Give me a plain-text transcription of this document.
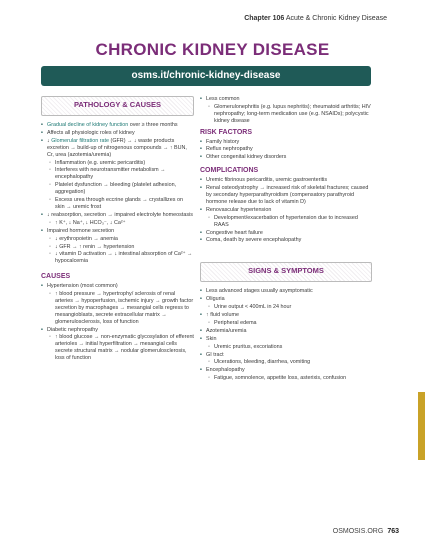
Chapter 106 Acute & Chronic Kidney Disease
CHRONIC KIDNEY DISEASE
osms.it/chronic-kidney-disease
PATHOLOGY & CAUSES
• Gradual decline of kidney function over ≥ three months
• Affects all physiologic roles of kidney
• ↓ Glomerular filtration rate (GFR) → ↓ waste products excretion → build-up of nitrogenous compounds → ↑ BUN, Cr, urea (azotemia/uremia)
◦ Inflammation (e.g. uremic pericarditis)
◦ Interferes with neurotransmitter metabolism → encephalopathy
◦ Platelet dysfunction → bleeding (platelet adhesion, aggregation)
◦ Excess urea through eccrine glands → crystallizes on skin → uremic frost
• ↓ reabsorption, secretion → impaired electrolyte homeostasis
◦ ↑ K⁺, ↓ Na⁺, ↓ HCO₃⁻, ↓ Ca²⁺
• Impaired hormone secretion
◦ ↓ erythropoietin → anemia
◦ ↓ GFR → ↑ renin → hypertension
◦ ↓ vitamin D activation → ↓ intestinal absorption of Ca²⁺ → hypocalcemia
CAUSES
• Hypertension (most common)
◦ ↑ blood pressure → hypertrophy/ sclerosis of renal arteries → hypoperfusion, ischemic injury → growth factor secretion by macrophages → mesangial cells regress to mesangioblasts, secrete extracellular matrix → glomerulosclerosis, loss of function
• Diabetic nephropathy
◦ ↑ blood glucose → non-enzymatic glycosylation of efferent arterioles → initial hyperfiltration → mesangial cells secrete structural matrix → nodular glomerulosclerosis, loss of function
• Less common
◦ Glomerulonephritis (e.g. lupus nephritis); rheumatoid arthritis; HIV nephropathy; long-term medication use (e.g. NSAIDs); polycystic kidney disease
RISK FACTORS
• Family history
• Reflux nephropathy
• Other congenital kidney disorders
COMPLICATIONS
• Uremic fibrinous pericarditis, uremic gastroenteritis
• Renal osteodystrophy → increased risk of skeletal fractures; caused by secondary hyperparathyroidism (compensatory parathyroid hormone release due to lack of vitamin D)
• Renovascular hypertension
◦ Development/exacerbation of hypertension due to increased RAAS
• Congestive heart failure
• Coma, death by severe encephalopathy
SIGNS & SYMPTOMS
• Less advanced stages usually asymptomatic
• Oliguria
◦ Urine output < 400mL in 24 hour
• ↑ fluid volume
◦ Peripheral edema
• Azotemia/uremia
• Skin
◦ Uremic pruritus, excoriations
• GI tract
◦ Ulcerations, bleeding, diarrhea, vomiting
• Encephalopathy
◦ Fatigue, somnolence, appetite loss, asterixis, confusion
OSMOSIS.ORG 763
